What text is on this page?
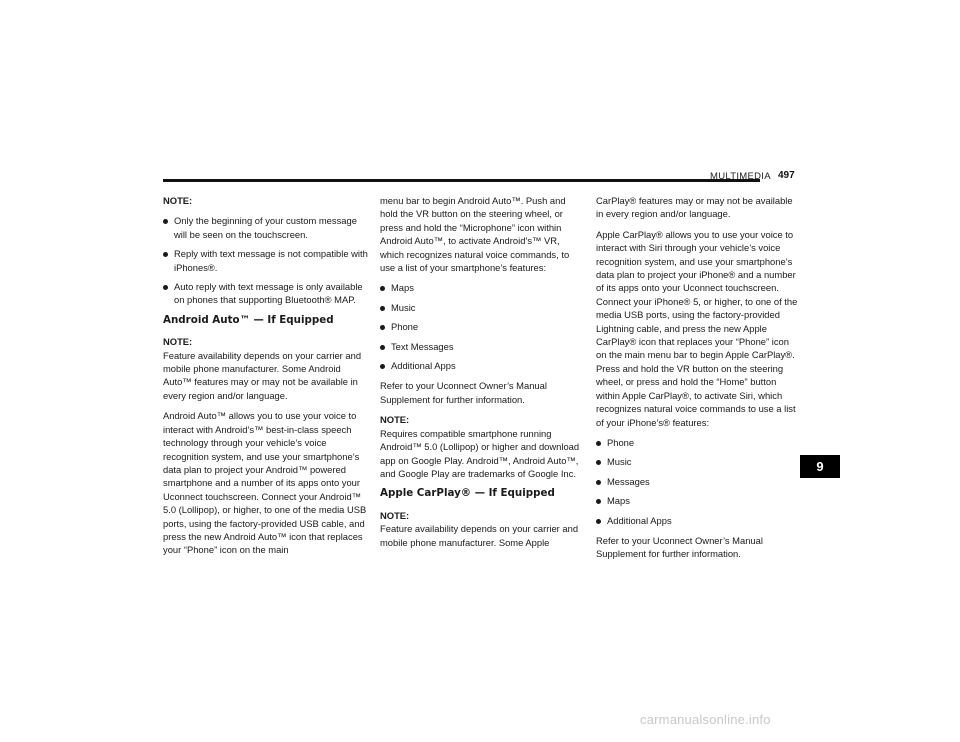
MULTIMEDIA 497

NOTE:

Only the beginning of your custom message will be seen on the touchscreen.
Reply with text message is not compatible with iPhones®.
Auto reply with text message is only available on phones that supporting Bluetooth® MAP.
Android Auto™ — If Equipped

NOTE:
Feature availability depends on your carrier and mobile phone manufacturer. Some Android Auto™ features may or may not be available in every region and/or language.

Android Auto™ allows you to use your voice to interact with Android’s™ best-in-class speech technology through your vehicle’s voice recognition system, and use your smartphone’s data plan to project your Android™ powered smartphone and a number of its apps onto your Uconnect touchscreen. Connect your Android™ 5.0 (Lollipop), or higher, to one of the media USB ports, using the factory-provided USB cable, and press the new Android Auto™ icon that replaces your “Phone” icon on the main

menu bar to begin Android Auto™. Push and hold the VR button on the steering wheel, or press and hold the “Microphone” icon within Android Auto™, to activate Android’s™ VR, which recognizes natural voice commands, to use a list of your smartphone’s features:

Maps
Music
Phone
Text Messages
Additional Apps

Refer to your Uconnect Owner’s Manual Supplement for further information.

NOTE:
Requires compatible smartphone running Android™ 5.0 (Lollipop) or higher and download app on Google Play. Android™, Android Auto™, and Google Play are trademarks of Google Inc.

Apple CarPlay® — If Equipped

NOTE:
Feature availability depends on your carrier and mobile phone manufacturer. Some Apple

CarPlay® features may or may not be available in every region and/or language.

Apple CarPlay® allows you to use your voice to interact with Siri through your vehicle’s voice recognition system, and use your smartphone’s data plan to project your iPhone® and a number of its apps onto your Uconnect touchscreen. Connect your iPhone® 5, or higher, to one of the media USB ports, using the factory-provided Lightning cable, and press the new Apple CarPlay® icon that replaces your “Phone” icon on the main menu bar to begin Apple CarPlay®. Press and hold the VR button on the steering wheel, or press and hold the “Home” button within Apple CarPlay®, to activate Siri, which recognizes natural voice commands to use a list of your iPhone’s® features:

Phone
Music
Messages
Maps
Additional Apps

Refer to your Uconnect Owner’s Manual Supplement for further information.

9
carmanualsonline.info
